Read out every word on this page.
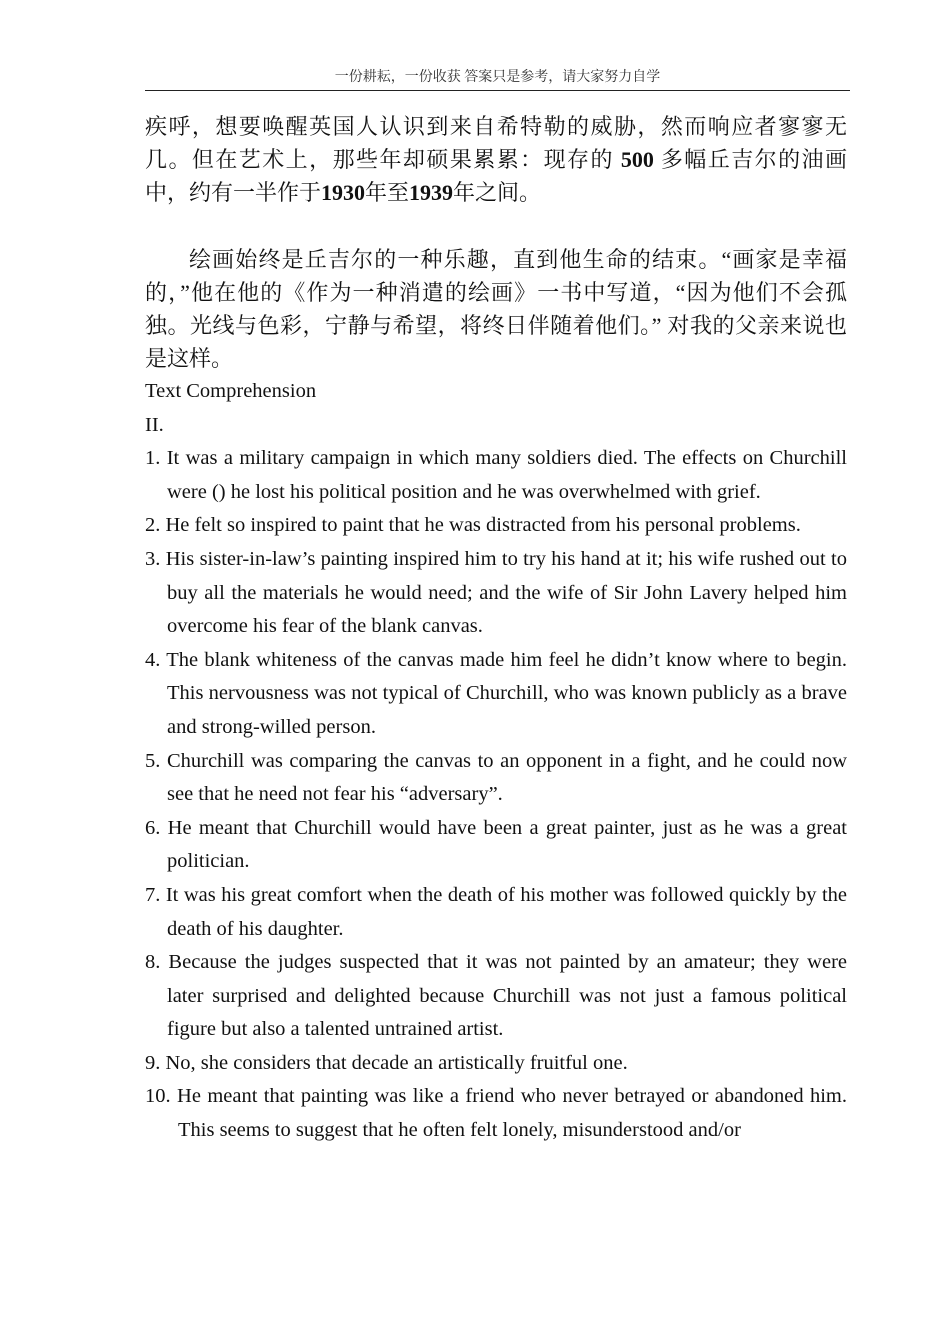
一份耕耘，一份收获 答案只是参考，请大家努力自学

疾呼，想要唤醒英国人认识到来自希特勒的威胁，然而响应者寥寥无几。但在艺术上，那些年却硕果累累：现存的 500 多幅丘吉尔的油画中，约有一半作于1930年至1939年之间。

绘画始终是丘吉尔的一种乐趣，直到他生命的结束。“画家是幸福的，”他在他的《作为一种消遣的绘画》一书中写道，“因为他们不会孤独。光线与色彩，宁静与希望，将终日伴随着他们。” 对我的父亲来说也是这样。

Text Comprehension

II.

1. It was a military campaign in which many soldiers died. The effects on Churchill were () he lost his political position and he was overwhelmed with grief.
2. He felt so inspired to paint that he was distracted from his personal problems.
3. His sister-in-law’s painting inspired him to try his hand at it; his wife rushed out to buy all the materials he would need; and the wife of Sir John Lavery helped him overcome his fear of the blank canvas.
4. The blank whiteness of the canvas made him feel he didn’t know where to begin. This nervousness was not typical of Churchill, who was known publicly as a brave and strong-willed person.
5. Churchill was comparing the canvas to an opponent in a fight, and he could now see that he need not fear his “adversary”.
6. He meant that Churchill would have been a great painter, just as he was a great politician.
7. It was his great comfort when the death of his mother was followed quickly by the death of his daughter.
8. Because the judges suspected that it was not painted by an amateur; they were later surprised and delighted because Churchill was not just a famous political figure but also a talented untrained artist.
9. No, she considers that decade an artistically fruitful one.
10. He meant that painting was like a friend who never betrayed or abandoned him. This seems to suggest that he often felt lonely, misunderstood and/or
